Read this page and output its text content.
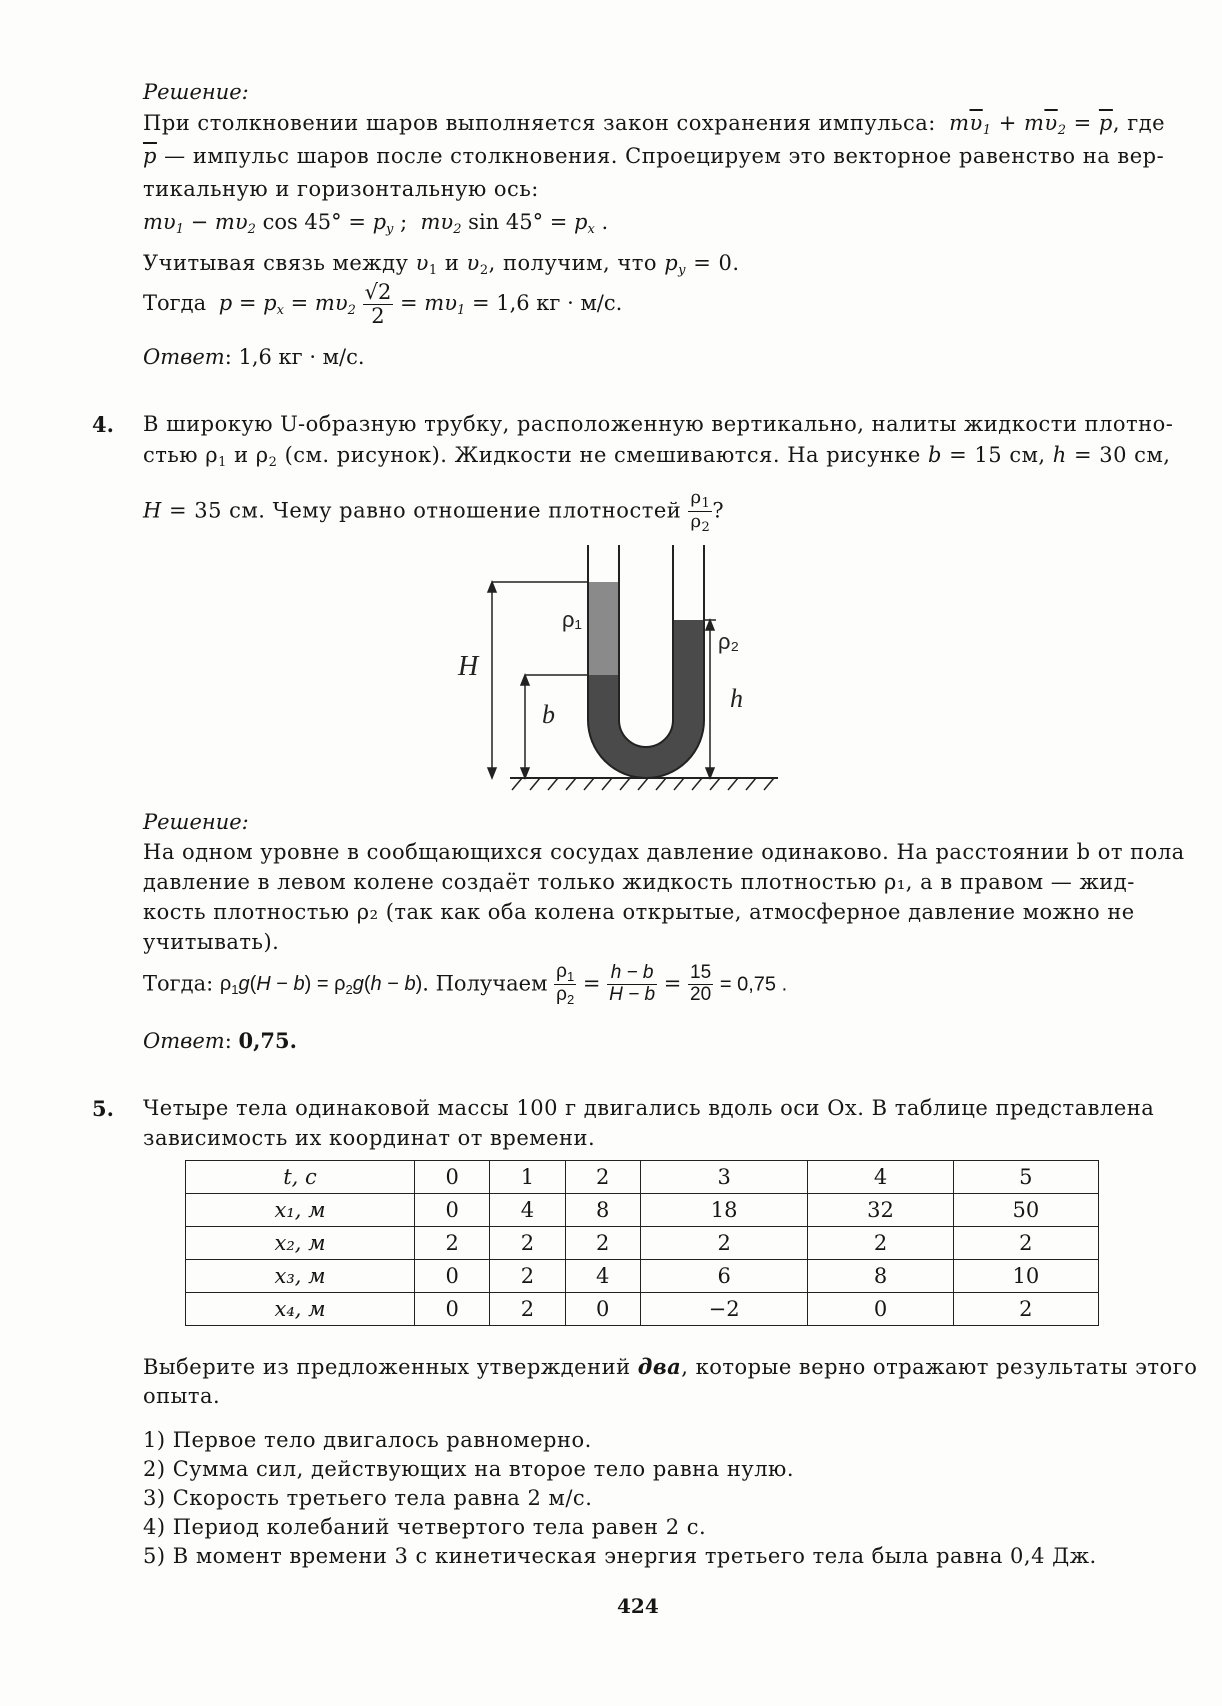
Решение:
При столкновении шаров выполняется закон сохранения импульса: $m\overline{\upsilon}_1 + m\overline{\upsilon}_2 = \overline{p}$, где
$\overline{p}$ — импульс шаров после столкновения. Спроецируем это векторное равенство на вер-
тикальную и горизонтальную ось:
$m\upsilon_1 - m\upsilon_2$ $\cos 45^\circ = p_y$ ;  $m\upsilon_2$ $\sin 45^\circ = p_x$ .
Учитывая связь между $\upsilon_1$ и $\upsilon_2$, получим, что $p_y = 0$.
Тогда $p = p_x = m\upsilon_2 \frac{√2}{2} = m\upsilon_1 = 1,6$ кг · м/с.
Ответ: 1,6 кг · м/с.
4. В широкую U-образную трубку, расположенную вертикально, налиты жидкости плотно-
стью $\rho_1$ и $\rho_2$ (см. рисунок). Жидкости не смешиваются. На рисунке b = 15 см, h = 30 см,
H = 35 см. Чему равно отношение плотностей $\frac{\rho_1}{\rho_2}$ ?
ρ₁
ρ₂
H
b
h
Решение:
На одном уровне в сообщающихся сосудах давление одинаково. На расстоянии b от пола
давление в левом колене создаёт только жидкость плотностью ρ₁, а в правом — жид-
кость плотностью ρ₂ (так как оба колена открытые, атмосферное давление можно не
учитывать).
Тогда: $\rho_1g(H - b) = \rho_2g(h - b)$. Получаем $\frac{\rho_1}{\rho_2} = \frac{h - b}{H - b} = \frac{15}{20} = 0,75$ .
Ответ: 0,75.
5. Четыре тела одинаковой массы 100 г двигались вдоль оси Ox. В таблице представлена
зависимость их координат от времени.
t, c	0	1	2	3	4	5
x₁, м	0	4	8	18	32	50
x₂, м	2	2	2	2	2	2
x₃, м	0	2	4	6	8	10
x₄, м	0	2	0	−2	0	2
Выберите из предложенных утверждений два, которые верно отражают результаты этого
опыта.
1) Первое тело двигалось равномерно.
2) Сумма сил, действующих на второе тело равна нулю.
3) Скорость третьего тела равна 2 м/с.
4) Период колебаний четвертого тела равен 2 с.
5) В момент времени 3 с кинетическая энергия третьего тела была равна 0,4 Дж.
424
